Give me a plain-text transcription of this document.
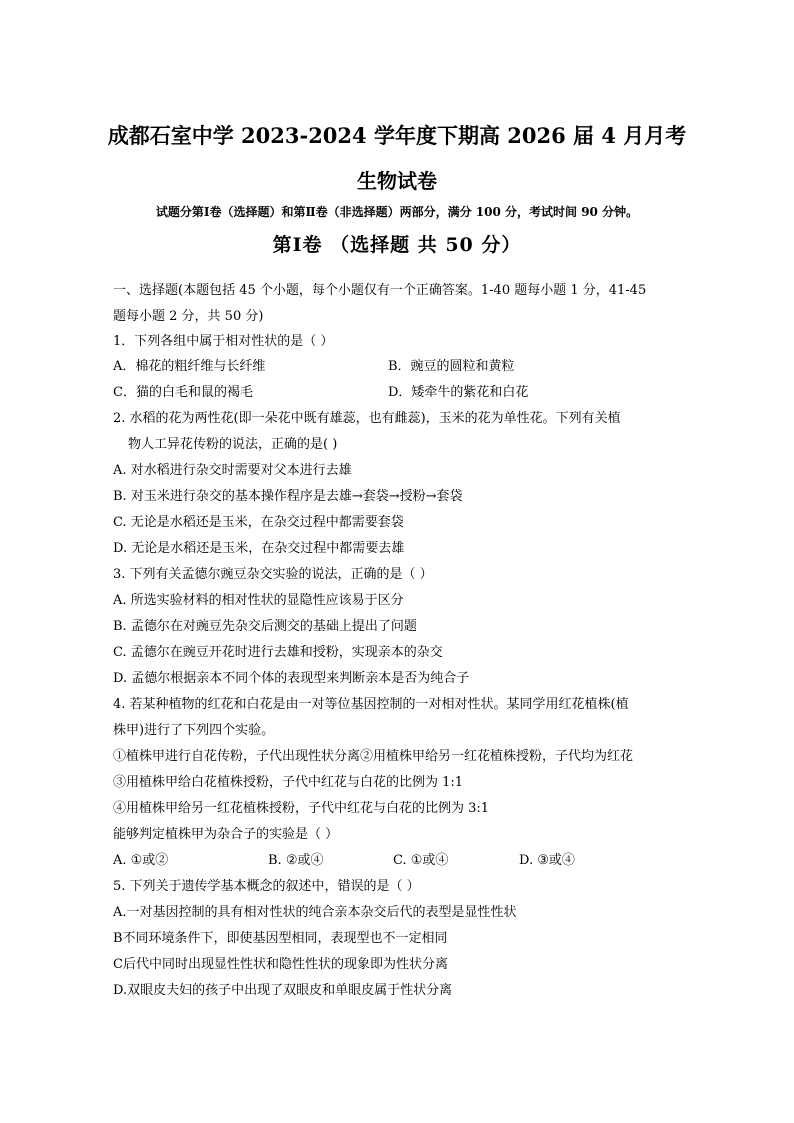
成都石室中学 2023-2024 学年度下期高 2026 届 4 月月考
生物试卷
试题分第Ⅰ卷（选择题）和第Ⅱ卷（非选择题）两部分，满分 100 分，考试时间 90 分钟。
第Ⅰ卷 （选择题 共 50 分）
一、选择题(本题包括 45 个小题，每个小题仅有一个正确答案。1-40 题每小题 1 分，41-45
题每小题 2 分，共 50 分)
1．下列各组中属于相对性状的是（ ）
A．棉花的粗纤维与长纤维	B．豌豆的圆粒和黄粒
C．猫的白毛和鼠的褐毛	D．矮牵牛的紫花和白花
2. 水稻的花为两性花(即一朵花中既有雄蕊，也有雌蕊)，玉米的花为单性花。下列有关植
物人工异花传粉的说法，正确的是( )
A. 对水稻进行杂交时需要对父本进行去雄
B. 对玉米进行杂交的基本操作程序是去雄→套袋→授粉→套袋
C. 无论是水稻还是玉米，在杂交过程中都需要套袋
D. 无论是水稻还是玉米，在杂交过程中都需要去雄
3. 下列有关孟德尔豌豆杂交实验的说法，正确的是（ ）
A. 所选实验材料的相对性状的显隐性应该易于区分
B. 孟德尔在对豌豆先杂交后测交的基础上提出了问题
C. 孟德尔在豌豆开花时进行去雄和授粉，实现亲本的杂交
D. 孟德尔根据亲本不同个体的表现型来判断亲本是否为纯合子
4. 若某种植物的红花和白花是由一对等位基因控制的一对相对性状。某同学用红花植株(植
株甲)进行了下列四个实验。
①植株甲进行自花传粉，子代出现性状分离②用植株甲给另一红花植株授粉，子代均为红花
③用植株甲给白花植株授粉，子代中红花与白花的比例为 1:1
④用植株甲给另一红花植株授粉，子代中红花与白花的比例为 3:1
能够判定植株甲为杂合子的实验是（ ）
A. ①或②	B. ②或④	C. ①或④	D. ③或④
5. 下列关于遗传学基本概念的叙述中，错误的是（ ）
A.一对基因控制的具有相对性状的纯合亲本杂交后代的表型是显性性状
B不同环境条件下，即使基因型相同，表现型也不一定相同
C后代中同时出现显性性状和隐性性状的现象即为性状分离
D.双眼皮夫妇的孩子中出现了双眼皮和单眼皮属于性状分离
